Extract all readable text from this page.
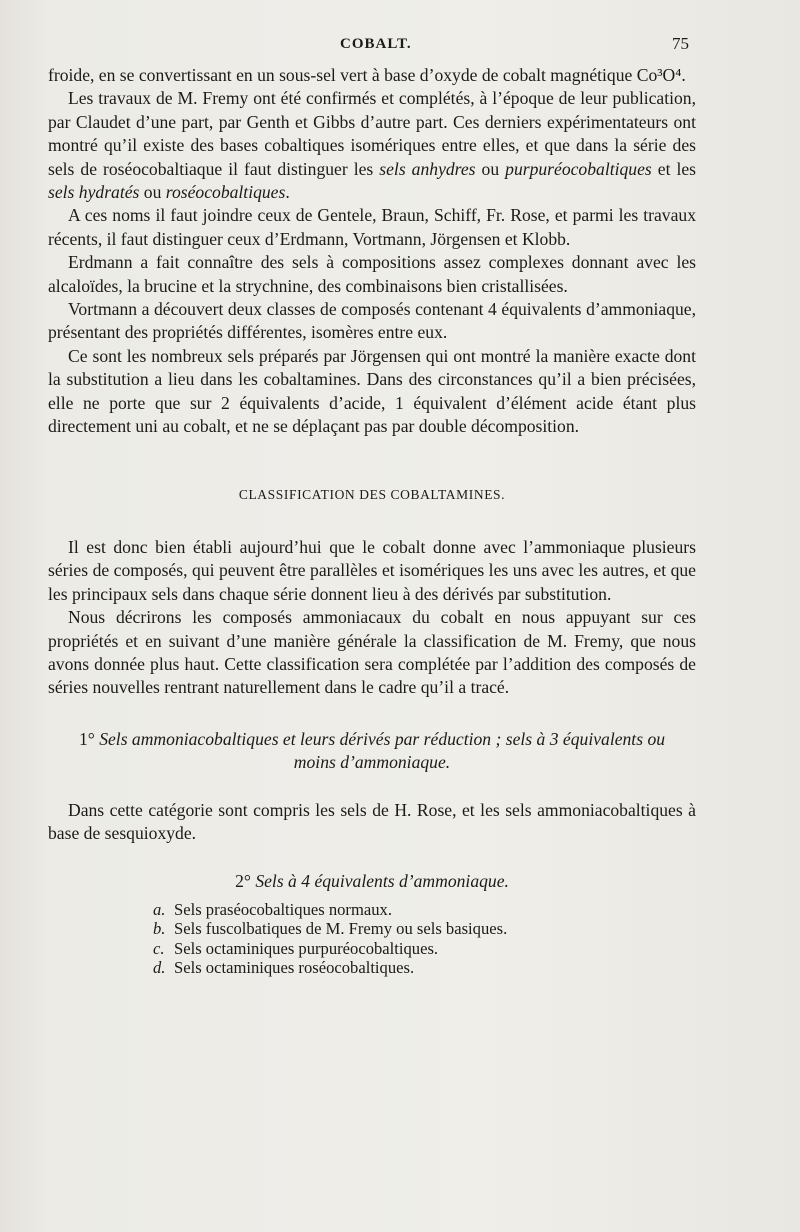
COBALT.	75

froide, en se convertissant en un sous-sel vert à base d’oxyde de cobalt magnétique Co³O⁴.

Les travaux de M. Fremy ont été confirmés et complétés, à l’époque de leur publication, par Claudet d’une part, par Genth et Gibbs d’autre part. Ces derniers expérimentateurs ont montré qu’il existe des bases cobaltiques isomériques entre elles, et que dans la série des sels de roséocobaltiaque il faut distinguer les sels anhydres ou purpuréocobaltiques et les sels hydratés ou roséocobaltiques.

A ces noms il faut joindre ceux de Gentele, Braun, Schiff, Fr. Rose, et parmi les travaux récents, il faut distinguer ceux d’Erdmann, Vortmann, Jörgensen et Klobb.

Erdmann a fait connaître des sels à compositions assez complexes donnant avec les alcaloïdes, la brucine et la strychnine, des combinaisons bien cristallisées.

Vortmann a découvert deux classes de composés contenant 4 équivalents d’ammoniaque, présentant des propriétés différentes, isomères entre eux.

Ce sont les nombreux sels préparés par Jörgensen qui ont montré la manière exacte dont la substitution a lieu dans les cobaltamines. Dans des circonstances qu’il a bien précisées, elle ne porte que sur 2 équivalents d’acide, 1 équivalent d’élément acide étant plus directement uni au cobalt, et ne se déplaçant pas par double décomposition.

CLASSIFICATION DES COBALTAMINES.

Il est donc bien établi aujourd’hui que le cobalt donne avec l’ammoniaque plusieurs séries de composés, qui peuvent être parallèles et isomériques les uns avec les autres, et que les principaux sels dans chaque série donnent lieu à des dérivés par substitution.

Nous décrirons les composés ammoniacaux du cobalt en nous appuyant sur ces propriétés et en suivant d’une manière générale la classification de M. Fremy, que nous avons donnée plus haut. Cette classification sera complétée par l’addition des composés de séries nouvelles rentrant naturellement dans le cadre qu’il a tracé.

1° Sels ammoniacobaltiques et leurs dérivés par réduction ; sels à 3 équivalents ou moins d’ammoniaque.

Dans cette catégorie sont compris les sels de H. Rose, et les sels ammoniacobaltiques à base de sesquioxyde.

2° Sels à 4 équivalents d’ammoniaque.

a. Sels praséocobaltiques normaux.
b. Sels fuscolbatiques de M. Fremy ou sels basiques.
c. Sels octaminiques purpuréocobaltiques.
d. Sels octaminiques roséocobaltiques.
